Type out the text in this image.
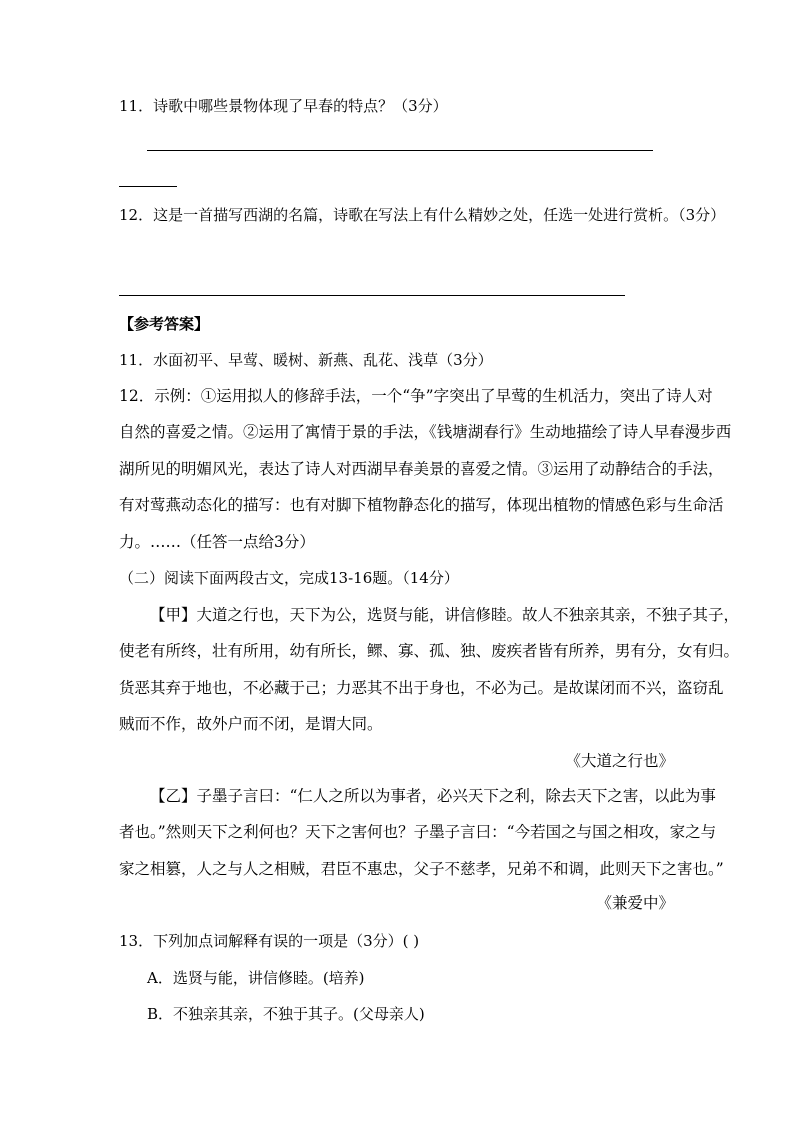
11．诗歌中哪些景物体现了早春的特点？（3分）
12．这是一首描写西湖的名篇，诗歌在写法上有什么精妙之处，任选一处进行赏析。（3分）
【参考答案】
11．水面初平、早莺、暖树、新燕、乱花、浅草（3分）
12．示例：①运用拟人的修辞手法，一个“争”字突出了早莺的生机活力，突出了诗人对
自然的喜爱之情。②运用了寓情于景的手法，《钱塘湖春行》生动地描绘了诗人早春漫步西
湖所见的明媚风光，表达了诗人对西湖早春美景的喜爱之情。③运用了动静结合的手法，
有对莺燕动态化的描写：也有对脚下植物静态化的描写，体现出植物的情感色彩与生命活
力。……（任答一点给3分）
（二）阅读下面两段古文，完成13-16题。（14分）
【甲】大道之行也，天下为公，选贤与能，讲信修睦。故人不独亲其亲，不独子其子，
使老有所终，壮有所用，幼有所长，鳏、寡、孤、独、废疾者皆有所养，男有分，女有归。
货恶其弃于地也，不必藏于己；力恶其不出于身也，不必为己。是故谋闭而不兴，盗窃乱
贼而不作，故外户而不闭，是谓大同。
《大道之行也》
【乙】子墨子言曰：“仁人之所以为事者，必兴天下之利，除去天下之害，以此为事
者也。”然则天下之利何也？天下之害何也？子墨子言曰：“今若国之与国之相攻，家之与
家之相篡，人之与人之相贼，君臣不惠忠，父子不慈孝，兄弟不和调，此则天下之害也。”
《兼爱中》
13．下列加点词解释有误的一项是（3分）( )
A．选贤与能，讲信修睦。(培养)
B．不独亲其亲，不独于其子。(父母亲人)
